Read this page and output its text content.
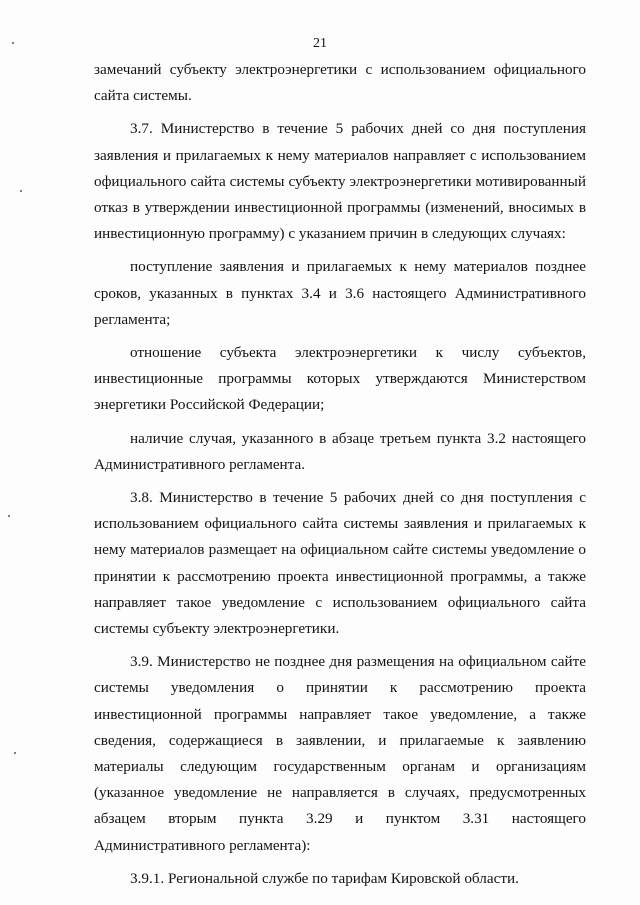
21

замечаний субъекту электроэнергетики с использованием официального сайта системы.

3.7. Министерство в течение 5 рабочих дней со дня поступления заявления и прилагаемых к нему материалов направляет с использованием официального сайта системы субъекту электроэнергетики мотивированный отказ в утверждении инвестиционной программы (изменений, вносимых в инвестиционную программу) с указанием причин в следующих случаях:

поступление заявления и прилагаемых к нему материалов позднее сроков, указанных в пунктах 3.4 и 3.6 настоящего Административного регламента;

отношение субъекта электроэнергетики к числу субъектов, инвестиционные программы которых утверждаются Министерством энергетики Российской Федерации;

наличие случая, указанного в абзаце третьем пункта 3.2 настоящего Административного регламента.

3.8. Министерство в течение 5 рабочих дней со дня поступления с использованием официального сайта системы заявления и прилагаемых к нему материалов размещает на официальном сайте системы уведомление о принятии к рассмотрению проекта инвестиционной программы, а также направляет такое уведомление с использованием официального сайта системы субъекту электроэнергетики.

3.9. Министерство не позднее дня размещения на официальном сайте системы уведомления о принятии к рассмотрению проекта инвестиционной программы направляет такое уведомление, а также сведения, содержащиеся в заявлении, и прилагаемые к заявлению материалы следующим государственным органам и организациям (указанное уведомление не направляется в случаях, предусмотренных абзацем вторым пункта 3.29 и пунктом 3.31 настоящего Административного регламента):

3.9.1. Региональной службе по тарифам Кировской области.
